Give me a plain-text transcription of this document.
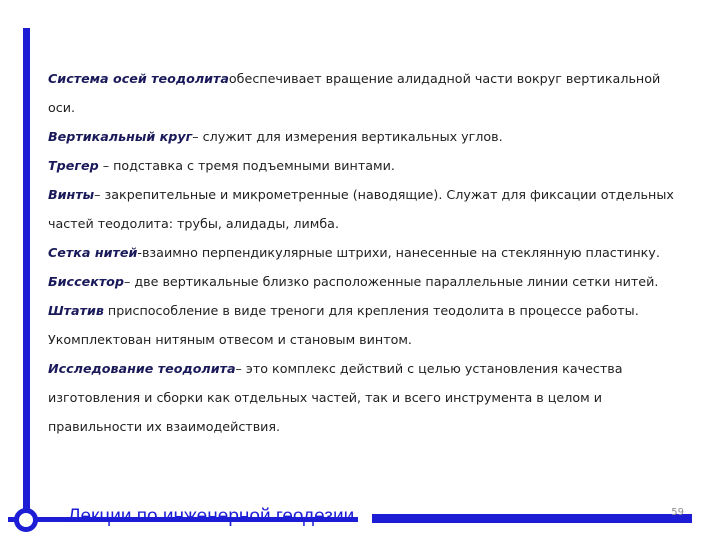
Система осей теодолитаобеспечивает вращение алидадной части вокруг вертикальной оси.

Вертикальный круг– служит для измерения вертикальных углов.

Трегер – подставка с тремя подъемными винтами.

Винты– закрепительные и микрометренные (наводящие). Служат для фиксации отдельных частей теодолита: трубы, алидады, лимба.

Сетка нитей-взаимно перпендикулярные штрихи, нанесенные на стеклянную пластинку.

Биссектор– две вертикальные близко расположенные параллельные линии сетки нитей.

Штатив приспособление в виде треноги для крепления теодолита в процессе работы. Укомплектован нитяным отвесом и становым винтом.

Исследование теодолита– это комплекс действий с целью установления качества изготовления и сборки как отдельных частей, так и всего инструмента в целом и правильности их взаимодействия.

Лекции по инженерной геодезии	59
